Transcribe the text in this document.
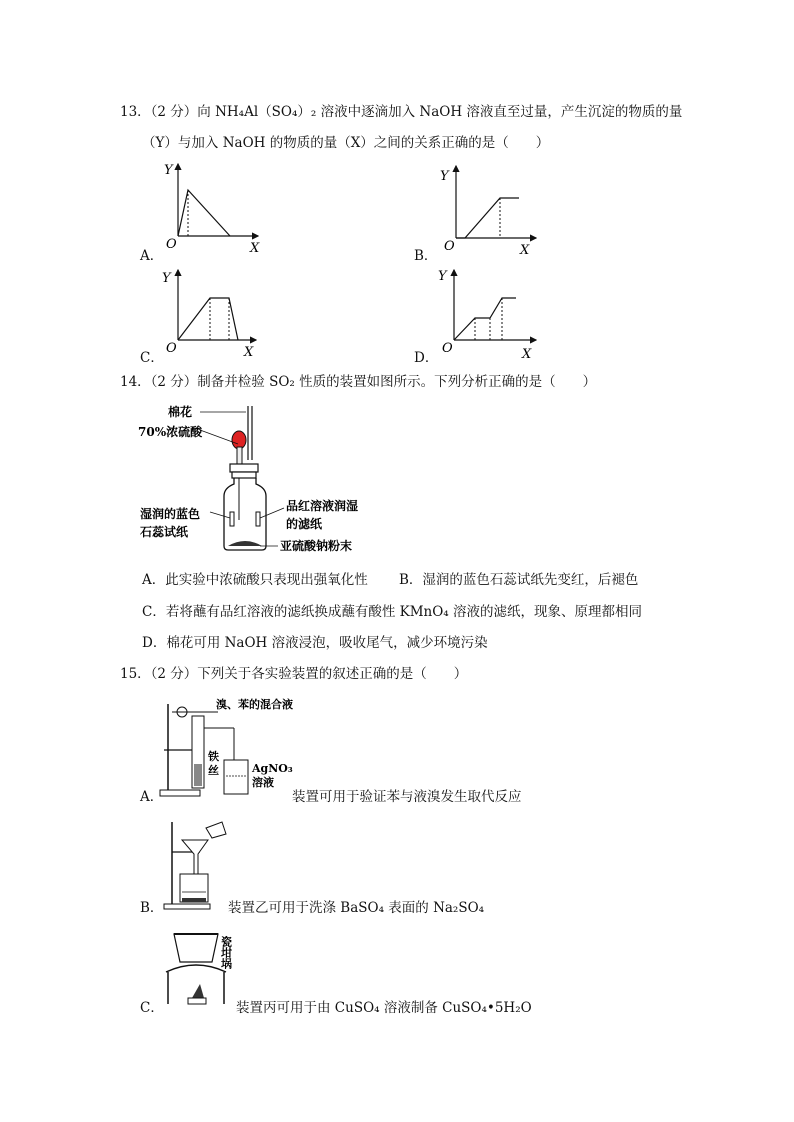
13．（2 分）向 NH₄Al（SO₄）₂ 溶液中逐滴加入 NaOH 溶液直至过量，产生沉淀的物质的量
（Y）与加入 NaOH 的物质的量（X）之间的关系正确的是（　　）
Y
O	X
A．
Y
O	X
B．
Y
O	X
C．
Y
O	X
D．
14．（2 分）制备并检验 SO₂ 性质的装置如图所示。下列分析正确的是（　　）
棉花
70%浓硫酸
湿润的蓝色
石蕊试纸
品红溶液润湿
的滤纸
亚硫酸钠粉末
A．此实验中浓硫酸只表现出强氧化性 B．湿润的蓝色石蕊试纸先变红，后褪色
C．若将蘸有品红溶液的滤纸换成蘸有酸性 KMnO₄ 溶液的滤纸，现象、原理都相同
D．棉花可用 NaOH 溶液浸泡，吸收尾气，减少环境污染
15．（2 分）下列关于各实验装置的叙述正确的是（　　）
溴、苯的混合液
铁
丝	AgNO₃
溶液
A．	装置可用于验证苯与液溴发生取代反应
B．	装置乙可用于洗涤 BaSO₄ 表面的 Na₂SO₄
瓷坩埚
C．	装置丙可用于由 CuSO₄ 溶液制备 CuSO₄•5H₂O
